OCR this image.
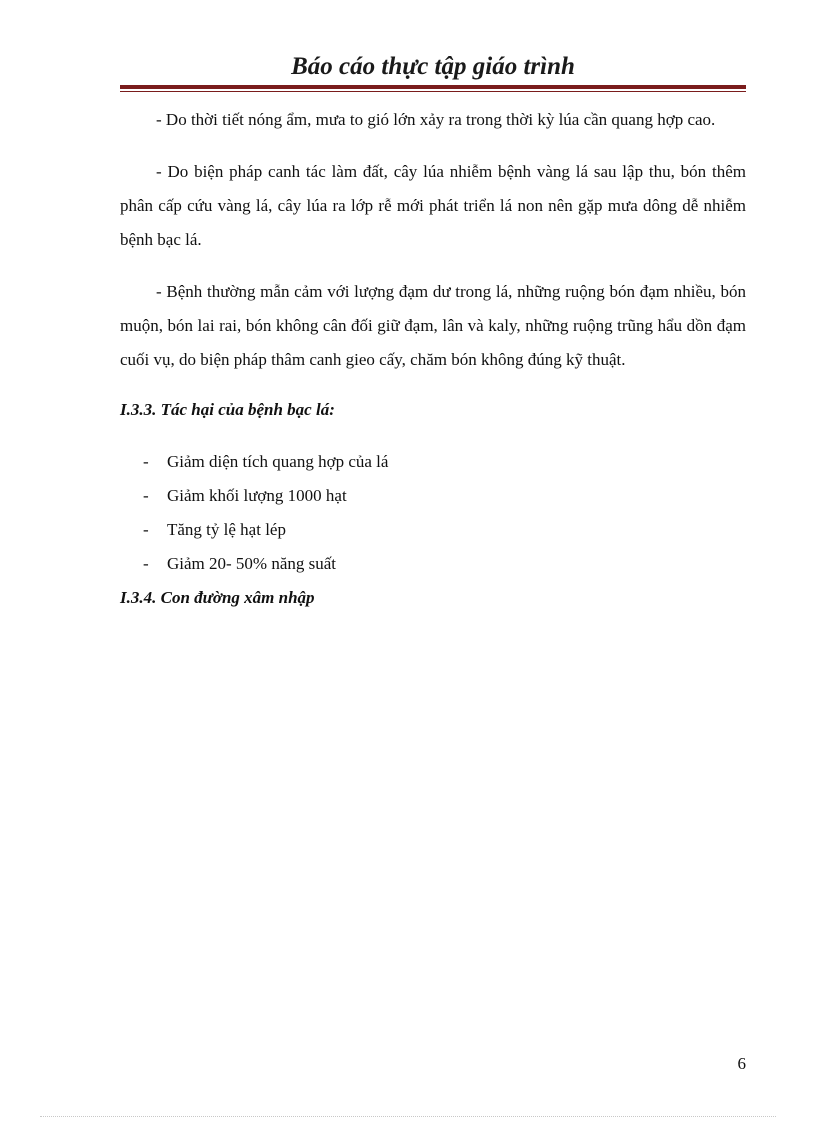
Báo cáo thực tập giáo trình

- Do thời tiết nóng ẩm, mưa to gió lớn xảy ra trong thời kỳ lúa cần quang hợp cao.

- Do biện pháp canh tác làm đất, cây lúa nhiễm bệnh vàng lá sau lập thu, bón thêm phân cấp cứu vàng lá, cây lúa ra lớp rễ mới phát triển lá non nên gặp mưa dông dễ nhiễm bệnh bạc lá.

- Bệnh thường mẫn cảm với lượng đạm dư trong lá, những ruộng bón đạm nhiều, bón muộn, bón lai rai, bón không cân đối giữ đạm, lân và kaly, những ruộng trũng hẩu dồn đạm cuối vụ, do biện pháp thâm canh gieo cấy, chăm bón không đúng kỹ thuật.

I.3.3. Tác hại của bệnh bạc lá:
- Giảm diện tích quang hợp của lá
- Giảm khối lượng 1000 hạt
- Tăng tỷ lệ hạt lép
- Giảm 20- 50% năng suất
I.3.4. Con đường xâm nhập
6
